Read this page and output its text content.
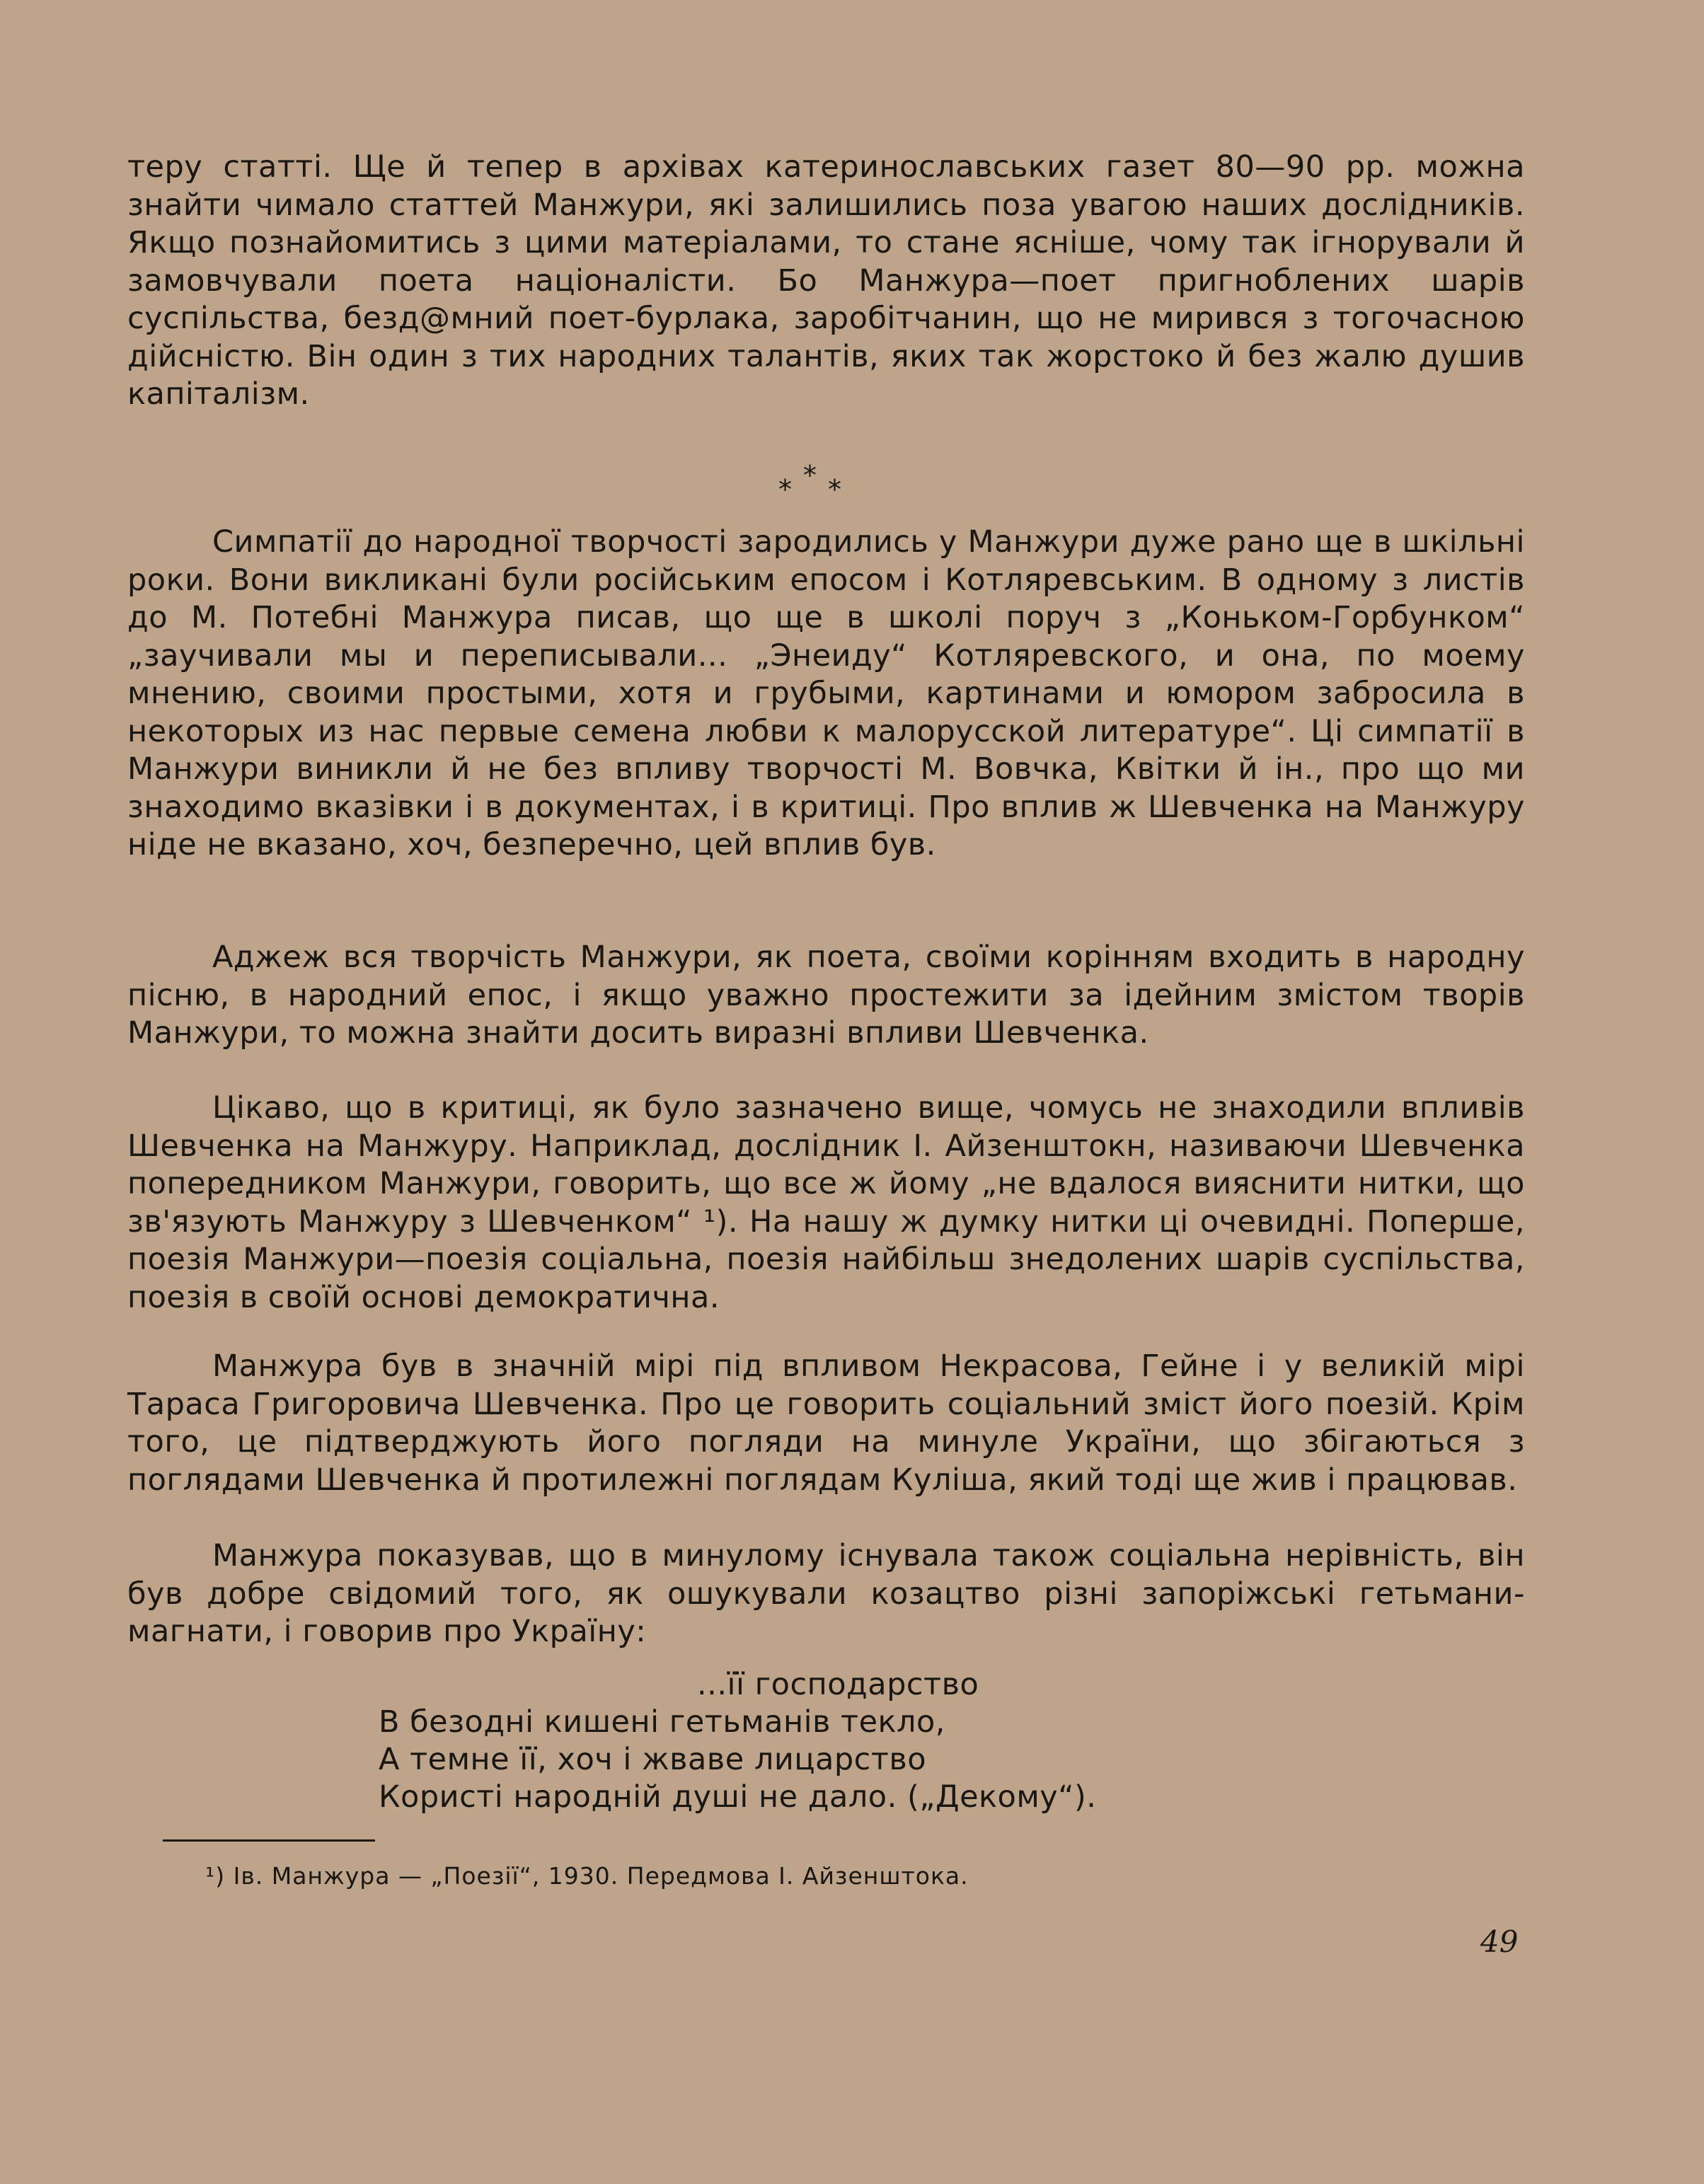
теру статті. Ще й тепер в архівах катеринославських газет 80—90 рр. можна знайти чимало статтей Манжури, які залишились поза увагою наших дослідників. Якщо познайомитись з цими матеріалами, то стане ясніше, чому так ігнорували й замовчували поета націоналісти. Бо Манжура—поет пригноблених шарів суспільства, безд@мний поет-бурлака, заробітчанин, що не мирився з тогочасною дійсністю. Він один з тих народних талантів, яких так жорстоко й без жалю душив капіталізм.

* * *

Симпатії до народної творчості зародились у Манжури дуже рано ще в шкільні роки. Вони викликані були російським епосом і Котляревським. В одному з листів до М. Потебні Манжура писав, що ще в школі поруч з „Коньком-Горбунком“ „заучивали мы и переписывали... „Энеиду“ Котляревского, и она, по моему мнению, своими простыми, хотя и грубыми, картинами и юмором забросила в некоторых из нас первые семена любви к малорусской литературе“. Ці симпатії в Манжури виникли й не без впливу творчості М. Вовчка, Квітки й ін., про що ми знаходимо вказівки і в документах, і в критиці. Про вплив ж Шевченка на Манжуру ніде не вказано, хоч, безперечно, цей вплив був.

Аджеж вся творчість Манжури, як поета, своїми корінням входить в народну пісню, в народний епос, і якщо уважно простежити за ідейним змістом творів Манжури, то можна знайти досить виразні впливи Шевченка.

Цікаво, що в критиці, як було зазначено вище, чомусь не знаходили впливів Шевченка на Манжуру. Наприклад, дослідник І. Айзенштокн, називаючи Шевченка попередником Манжури, говорить, що все ж йому „не вдалося вияснити нитки, що зв'язують Манжуру з Шевченком“ ¹). На нашу ж думку нитки ці очевидні. Поперше, поезія Манжури—поезія соціальна, поезія найбільш знедолених шарів суспільства, поезія в своїй основі демократична.

Манжура був в значній мірі під впливом Некрасова, Гейне і у великій мірі Тараса Григоровича Шевченка. Про це говорить соціальний зміст його поезій. Крім того, це підтверджують його погляди на минуле України, що збігаються з поглядами Шевченка й протилежні поглядам Куліша, який тоді ще жив і працював.

Манжура показував, що в минулому існувала також соціальна нерівність, він був добре свідомий того, як ошукували козацтво різні запоріжські гетьмани-магнати, і говорив про Україну:

...її господарство
В безодні кишені гетьманів текло,
А темне її, хоч і жваве лицарство
Користі народній душі не дало. („Декому“).
¹) Ів. Манжура — „Поезії“, 1930. Передмова І. Айзенштока.
49
